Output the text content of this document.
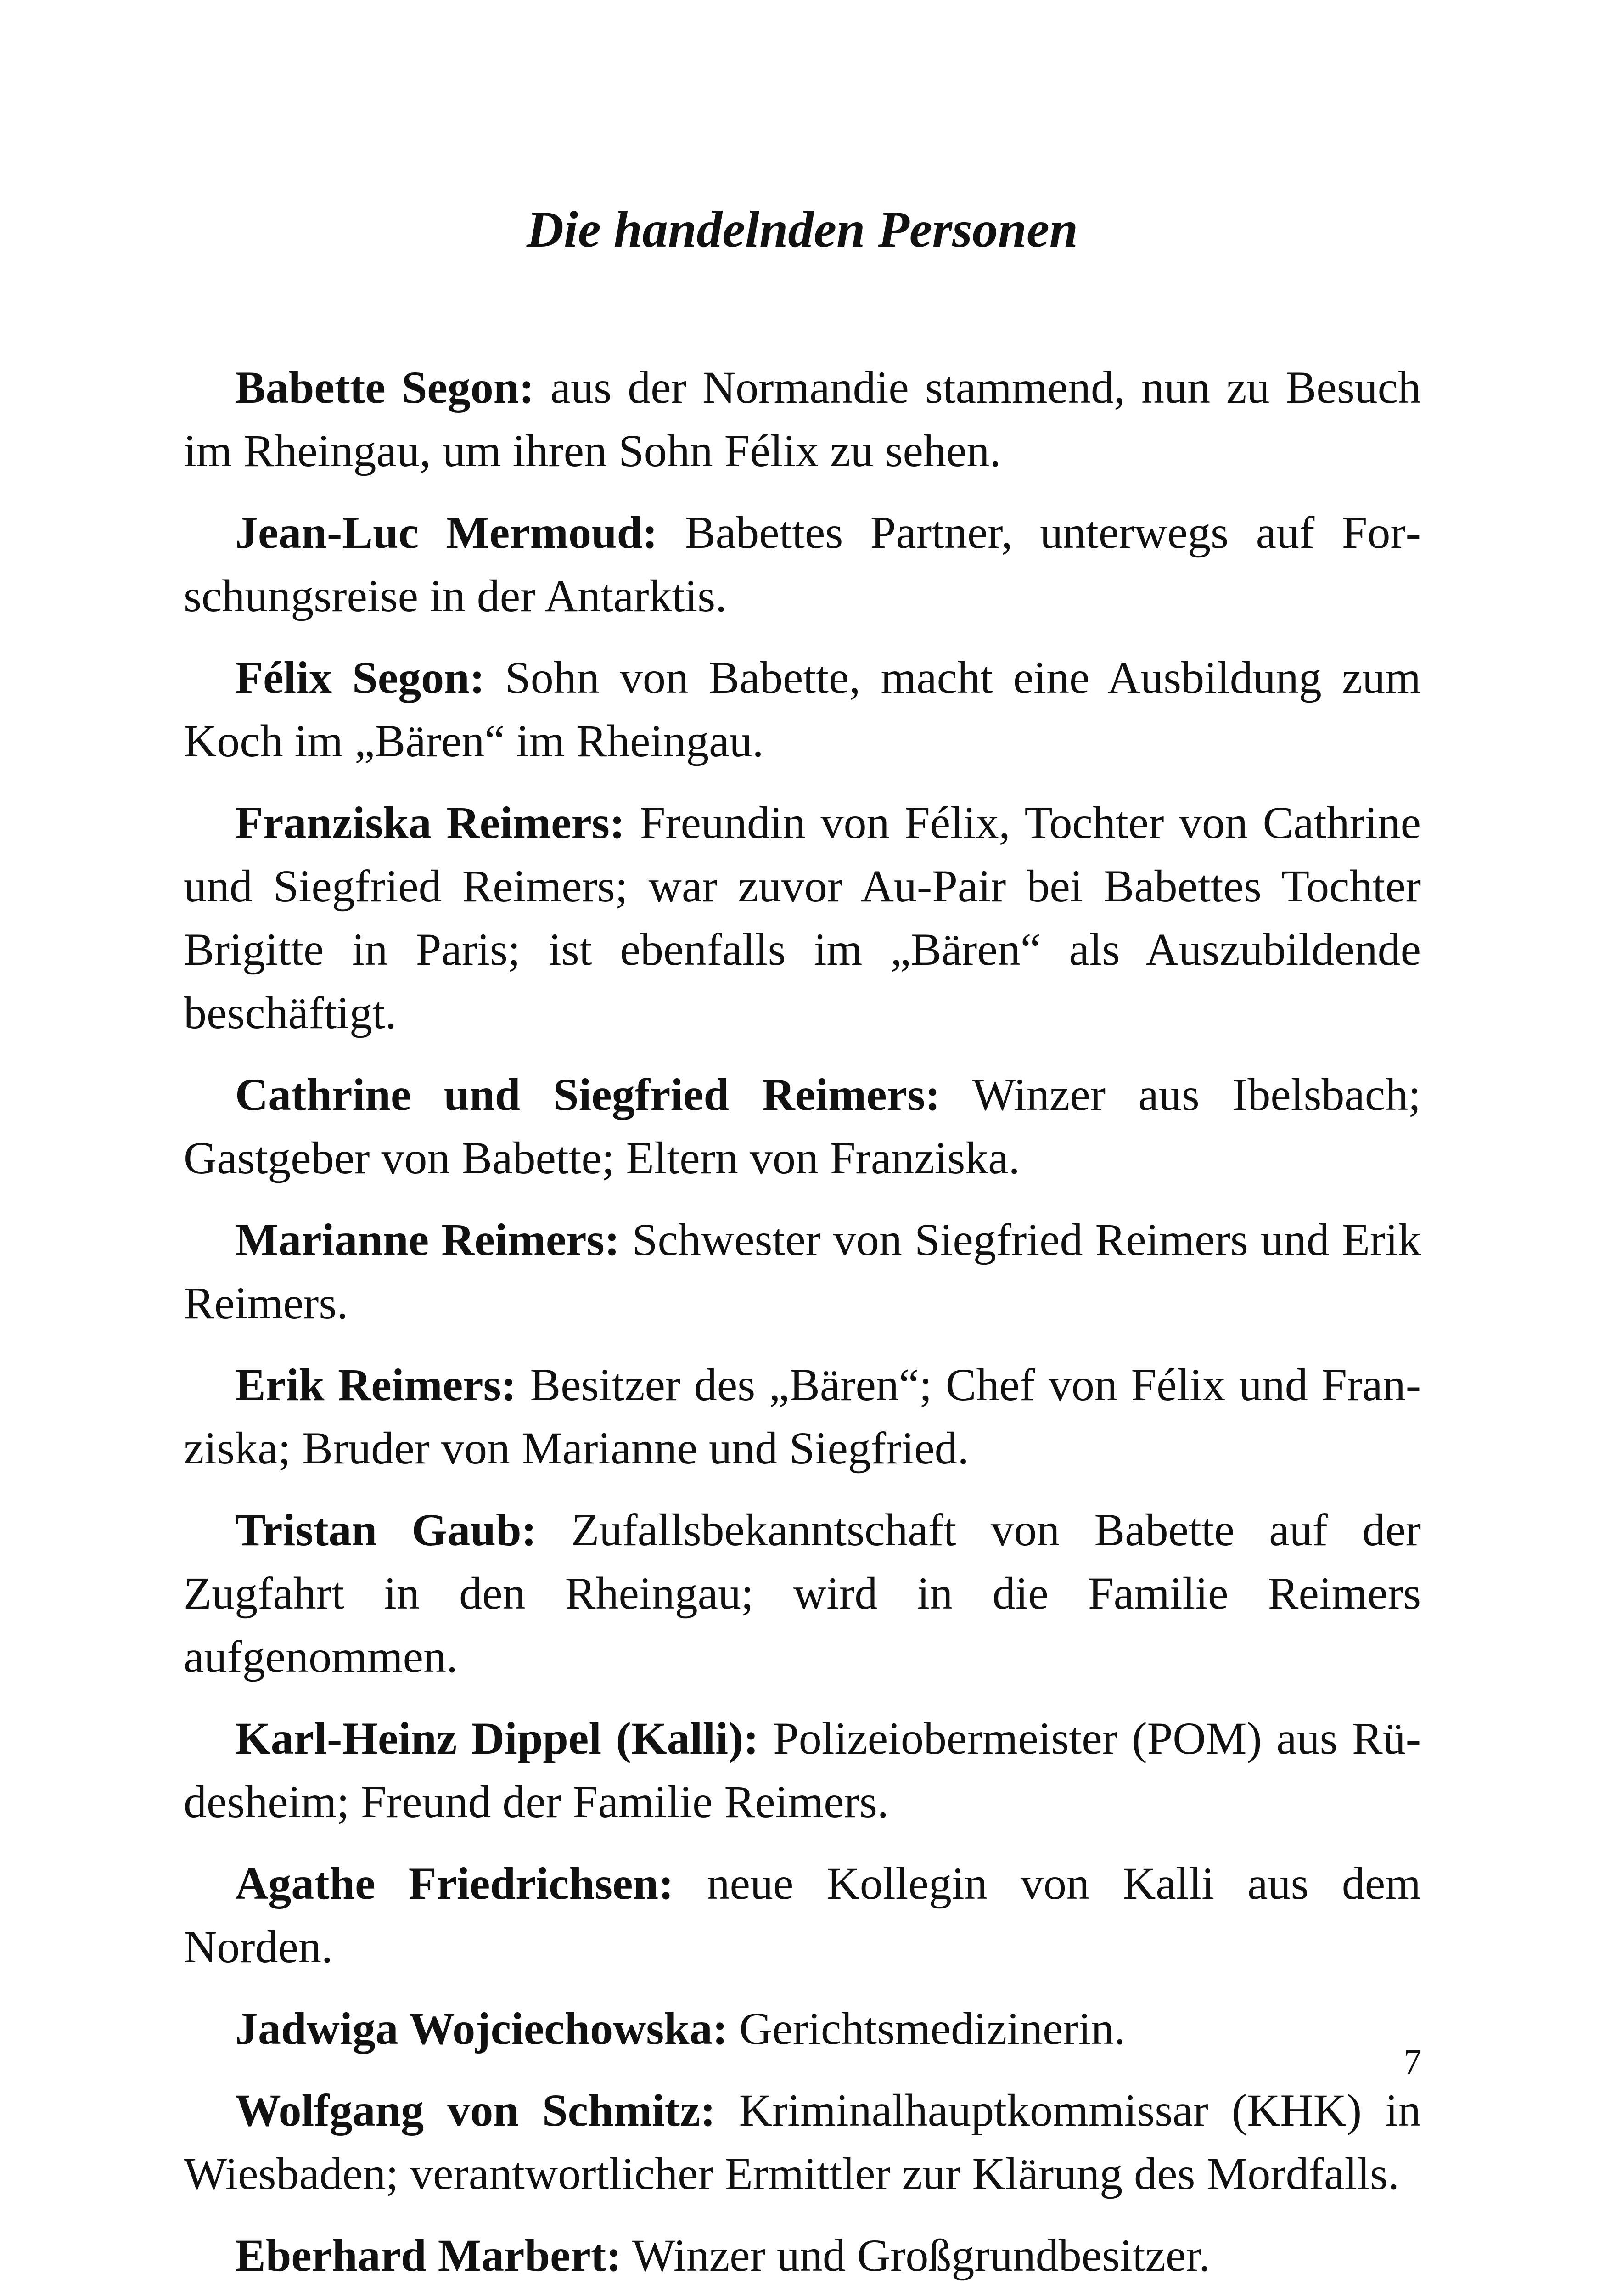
Die handelnden Personen

Babette Segon: aus der Normandie stammend, nun zu Besuch im Rheingau, um ihren Sohn Félix zu sehen.

Jean-Luc Mermoud: Babettes Partner, unterwegs auf Forschungsreise in der Antarktis.

Félix Segon: Sohn von Babette, macht eine Ausbildung zum Koch im „Bären“ im Rheingau.

Franziska Reimers: Freundin von Félix, Tochter von Cathrine und Siegfried Reimers; war zuvor Au-Pair bei Babettes Tochter Brigitte in Paris; ist ebenfalls im „Bären“ als Auszubildende beschäftigt.

Cathrine und Siegfried Reimers: Winzer aus Ibelsbach; Gastgeber von Babette; Eltern von Franziska.

Marianne Reimers: Schwester von Siegfried Reimers und Erik Reimers.

Erik Reimers: Besitzer des „Bären“; Chef von Félix und Franziska; Bruder von Marianne und Siegfried.

Tristan Gaub: Zufallsbekanntschaft von Babette auf der Zugfahrt in den Rheingau; wird in die Familie Reimers aufgenommen.

Karl-Heinz Dippel (Kalli): Polizeiobermeister (POM) aus Rüdesheim; Freund der Familie Reimers.

Agathe Friedrichsen: neue Kollegin von Kalli aus dem Norden.

Jadwiga Wojciechowska: Gerichtsmedizinerin.

Wolfgang von Schmitz: Kriminalhauptkommissar (KHK) in Wiesbaden; verantwortlicher Ermittler zur Klärung des Mordfalls.

Eberhard Marbert: Winzer und Großgrundbesitzer.

7
